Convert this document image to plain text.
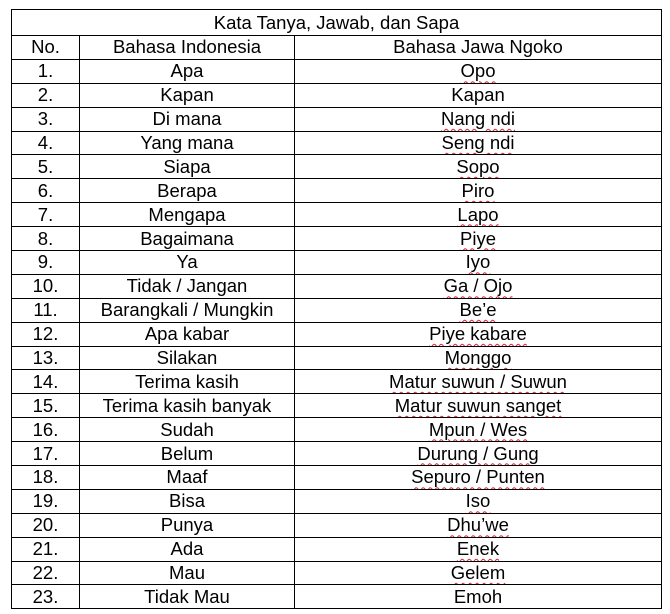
Kata Tanya, Jawab, dan Sapa		
No.	Bahasa Indonesia	Bahasa Jawa Ngoko
1.	Apa	Opo
2.	Kapan	Kapan
3.	Di mana	Nang ndi
4.	Yang mana	Seng ndi
5.	Siapa	Sopo
6.	Berapa	Piro
7.	Mengapa	Lapo
8.	Bagaimana	Piye
9.	Ya	Iyo
10.	Tidak / Jangan	Ga / Ojo
11.	Barangkali / Mungkin	Be’e
12.	Apa kabar	Piye kabare
13.	Silakan	Monggo
14.	Terima kasih	Matur suwun / Suwun
15.	Terima kasih banyak	Matur suwun sanget
16.	Sudah	Mpun / Wes
17.	Belum	Durung / Gung
18.	Maaf	Sepuro / Punten
19.	Bisa	Iso
20.	Punya	Dhu’we
21.	Ada	Enek
22.	Mau	Gelem
23.	Tidak Mau	Emoh
